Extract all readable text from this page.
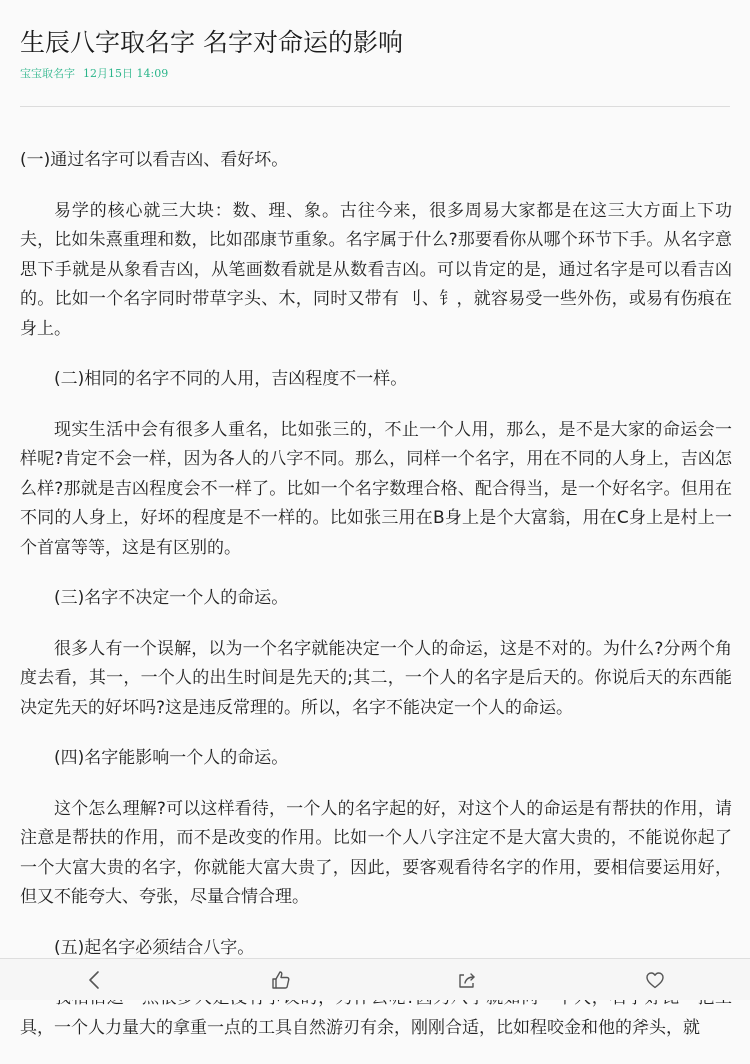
生辰八字取名字 名字对命运的影响
宝宝取名字 12月15日 14:09

(一)通过名字可以看吉凶、看好坏。

易学的核心就三大块：数、理、象。古往今来，很多周易大家都是在这三大方面上下功夫，比如朱熹重理和数，比如邵康节重象。名字属于什么?那要看你从哪个环节下手。从名字意思下手就是从象看吉凶，从笔画数看就是从数看吉凶。可以肯定的是，通过名字是可以看吉凶的。比如一个名字同时带草字头、木，同时又带有 刂、钅，就容易受一些外伤，或易有伤痕在身上。

(二)相同的名字不同的人用，吉凶程度不一样。

现实生活中会有很多人重名，比如张三的，不止一个人用，那么，是不是大家的命运会一样呢?肯定不会一样，因为各人的八字不同。那么，同样一个名字，用在不同的人身上，吉凶怎么样?那就是吉凶程度会不一样了。比如一个名字数理合格、配合得当，是一个好名字。但用在不同的人身上，好坏的程度是不一样的。比如张三用在B身上是个大富翁，用在C身上是村上一个首富等等，这是有区别的。

(三)名字不决定一个人的命运。

很多人有一个误解，以为一个名字就能决定一个人的命运，这是不对的。为什么?分两个角度去看，其一，一个人的出生时间是先天的;其二，一个人的名字是后天的。你说后天的东西能决定先天的好坏吗?这是违反常理的。所以，名字不能决定一个人的命运。

(四)名字能影响一个人的命运。

这个怎么理解?可以这样看待，一个人的名字起的好，对这个人的命运是有帮扶的作用，请注意是帮扶的作用，而不是改变的作用。比如一个人八字注定不是大富大贵的，不能说你起了一个大富大贵的名字，你就能大富大贵了，因此，要客观看待名字的作用，要相信要运用好，但又不能夸大、夸张，尽量合情合理。

(五)起名字必须结合八字。

具，一个人力量大的拿重一点的工具自然游刃有余，刚刚合适，比如程咬金和他的斧头，就
